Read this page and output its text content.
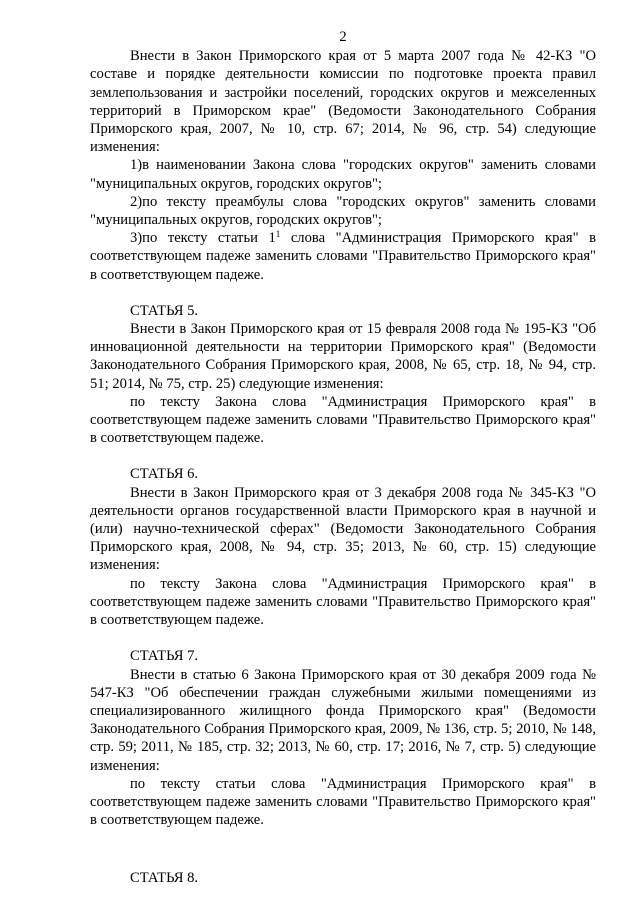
2

Внести в Закон Приморского края от 5 марта 2007 года № 42-КЗ "О составе и порядке деятельности комиссии по подготовке проекта правил землепользования и застройки поселений, городских округов и межселенных территорий в Приморском крае" (Ведомости Законодательного Собрания Приморского края, 2007, № 10, стр. 67; 2014, № 96, стр. 54) следующие изменения:

1)в наименовании Закона слова "городских округов" заменить словами "муниципальных округов, городских округов";

2)по тексту преамбулы слова "городских округов" заменить словами "муниципальных округов, городских округов";

3)по тексту статьи $1^1$ слова "Администрация Приморского края" в соответствующем падеже заменить словами "Правительство Приморского края" в соответствующем падеже.

СТАТЬЯ 5.

Внести в Закон Приморского края от 15 февраля 2008 года № 195-КЗ "Об инновационной деятельности на территории Приморского края" (Ведомости Законодательного Собрания Приморского края, 2008, № 65, стр. 18, № 94, стр. 51; 2014, № 75, стр. 25) следующие изменения:

по тексту Закона слова "Администрация Приморского края" в соответствующем падеже заменить словами "Правительство Приморского края" в соответствующем падеже.

СТАТЬЯ 6.

Внести в Закон Приморского края от 3 декабря 2008 года № 345-КЗ "О деятельности органов государственной власти Приморского края в научной и (или) научно-технической сферах" (Ведомости Законодательного Собрания Приморского края, 2008, № 94, стр. 35; 2013, № 60, стр. 15) следующие изменения:

по тексту Закона слова "Администрация Приморского края" в соответствующем падеже заменить словами "Правительство Приморского края" в соответствующем падеже.

СТАТЬЯ 7.

Внести в статью 6 Закона Приморского края от 30 декабря 2009 года № 547-КЗ "Об обеспечении граждан служебными жилыми помещениями из специализированного жилищного фонда Приморского края" (Ведомости Законодательного Собрания Приморского края, 2009, № 136, стр. 5; 2010, № 148, стр. 59; 2011, № 185, стр. 32; 2013, № 60, стр. 17; 2016, № 7, стр. 5) следующие изменения:

по тексту статьи слова "Администрация Приморского края" в соответствующем падеже заменить словами "Правительство Приморского края" в соответствующем падеже.

СТАТЬЯ 8.
